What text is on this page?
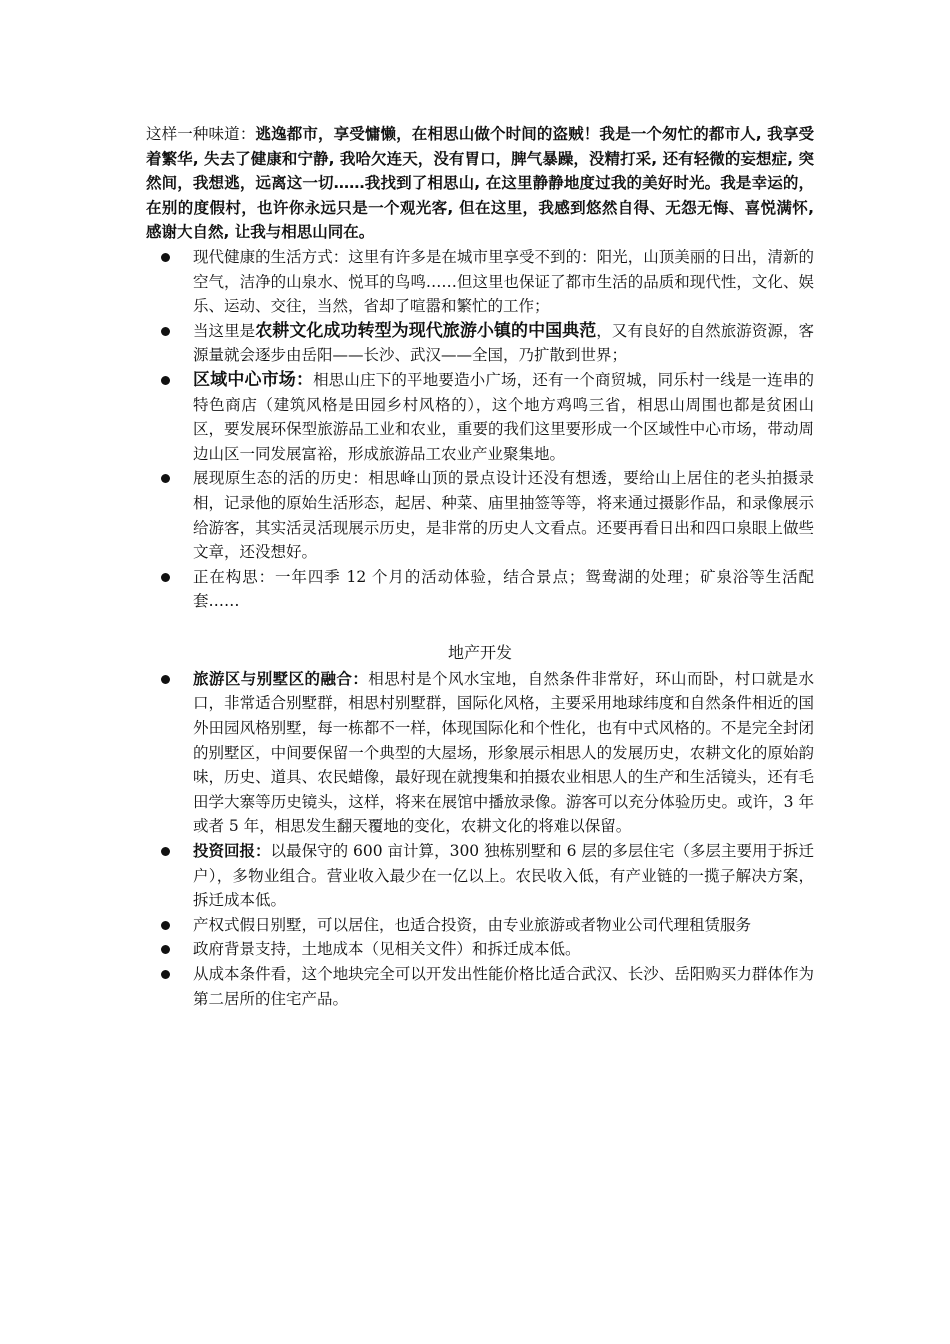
这样一种味道：逃逸都市，享受慵懒，在相思山做个时间的盗贼！我是一个匆忙的都市人, 我享受着繁华, 失去了健康和宁静, 我哈欠连天，没有胃口，脾气暴躁，没精打采, 还有轻微的妄想症, 突然间，我想逃，远离这一切……我找到了相思山, 在这里静静地度过我的美好时光。我是幸运的，在别的度假村，也许你永远只是一个观光客, 但在这里，我感到悠然自得、无怨无悔、喜悦满怀, 感谢大自然, 让我与相思山同在。

现代健康的生活方式：这里有许多是在城市里享受不到的：阳光，山顶美丽的日出，清新的空气，洁净的山泉水、悦耳的鸟鸣……但这里也保证了都市生活的品质和现代性，文化、娱乐、运动、交往，当然，省却了喧嚣和繁忙的工作；
当这里是农耕文化成功转型为现代旅游小镇的中国典范，又有良好的自然旅游资源，客源量就会逐步由岳阳——长沙、武汉——全国，乃扩散到世界；
区域中心市场：相思山庄下的平地要造小广场，还有一个商贸城，同乐村一线是一连串的特色商店（建筑风格是田园乡村风格的），这个地方鸡鸣三省，相思山周围也都是贫困山区，要发展环保型旅游品工业和农业，重要的我们这里要形成一个区域性中心市场，带动周边山区一同发展富裕，形成旅游品工农业产业聚集地。
展现原生态的活的历史：相思峰山顶的景点设计还没有想透，要给山上居住的老头拍摄录相，记录他的原始生活形态，起居、种菜、庙里抽签等等，将来通过摄影作品，和录像展示给游客，其实活灵活现展示历史，是非常的历史人文看点。还要再看日出和四口泉眼上做些文章，还没想好。
正在构思：一年四季 12 个月的活动体验，结合景点；鸳鸯湖的处理；矿泉浴等生活配套……
地产开发
旅游区与别墅区的融合：相思村是个风水宝地，自然条件非常好，环山而卧，村口就是水口，非常适合别墅群，相思村别墅群，国际化风格，主要采用地球纬度和自然条件相近的国外田园风格别墅，每一栋都不一样，体现国际化和个性化，也有中式风格的。不是完全封闭的别墅区，中间要保留一个典型的大屋场，形象展示相思人的发展历史，农耕文化的原始韵味，历史、道具、农民蜡像，最好现在就搜集和拍摄农业相思人的生产和生活镜头，还有毛田学大寨等历史镜头，这样，将来在展馆中播放录像。游客可以充分体验历史。或许，3 年或者 5 年，相思发生翻天覆地的变化，农耕文化的将难以保留。
投资回报：以最保守的 600 亩计算，300 独栋别墅和 6 层的多层住宅（多层主要用于拆迁户），多物业组合。营业收入最少在一亿以上。农民收入低，有产业链的一揽子解决方案，拆迁成本低。
产权式假日别墅，可以居住，也适合投资，由专业旅游或者物业公司代理租赁服务
政府背景支持，土地成本（见相关文件）和拆迁成本低。
从成本条件看，这个地块完全可以开发出性能价格比适合武汉、长沙、岳阳购买力群体作为第二居所的住宅产品。
